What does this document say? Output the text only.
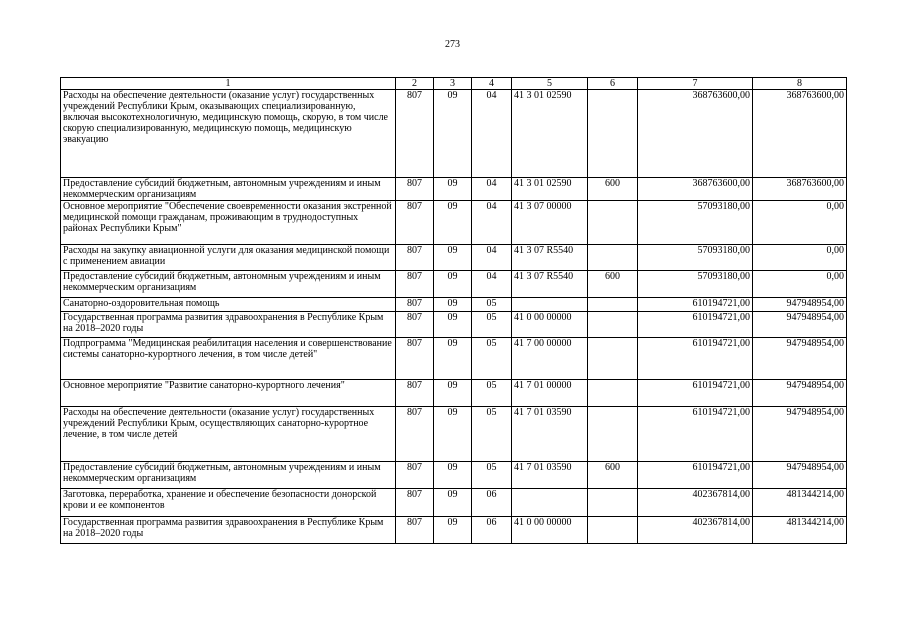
273
1	2	3	4	5	6	7	8
Расходы на обеспечение деятельности (оказание услуг) государственных учреждений Республики Крым, оказывающих специализированную, включая высокотехнологичную, медицинскую помощь, скорую, в том числе скорую специализированную, медицинскую помощь, медицинскую эвакуацию	807	09	04	41 3 01 02590		368763600,00	368763600,00
Предоставление субсидий бюджетным, автономным учреждениям и иным некоммерческим организациям	807	09	04	41 3 01 02590	600	368763600,00	368763600,00
Основное мероприятие "Обеспечение своевременности оказания экстренной медицинской помощи гражданам, проживающим в труднодоступных районах Республики Крым"	807	09	04	41 3 07 00000		57093180,00	0,00
Расходы на закупку авиационной услуги для оказания медицинской помощи с применением авиации	807	09	04	41 3 07 R5540		57093180,00	0,00
Предоставление субсидий бюджетным, автономным учреждениям и иным некоммерческим организациям	807	09	04	41 3 07 R5540	600	57093180,00	0,00
Санаторно-оздоровительная помощь	807	09	05			610194721,00	947948954,00
Государственная программа развития здравоохранения в Республике Крым на 2018–2020 годы	807	09	05	41 0 00 00000		610194721,00	947948954,00
Подпрограмма "Медицинская реабилитация населения и совершенствование системы санаторно-курортного лечения, в том числе детей"	807	09	05	41 7 00 00000		610194721,00	947948954,00
Основное мероприятие "Развитие санаторно-курортного лечения"	807	09	05	41 7 01 00000		610194721,00	947948954,00
Расходы на обеспечение деятельности (оказание услуг) государственных учреждений Республики Крым, осуществляющих санаторно-курортное лечение, в том числе детей	807	09	05	41 7 01 03590		610194721,00	947948954,00
Предоставление субсидий бюджетным, автономным учреждениям и иным некоммерческим организациям	807	09	05	41 7 01 03590	600	610194721,00	947948954,00
Заготовка, переработка, хранение и обеспечение безопасности донорской крови и ее компонентов	807	09	06			402367814,00	481344214,00
Государственная программа развития здравоохранения в Республике Крым на 2018–2020 годы	807	09	06	41 0 00 00000		402367814,00	481344214,00
